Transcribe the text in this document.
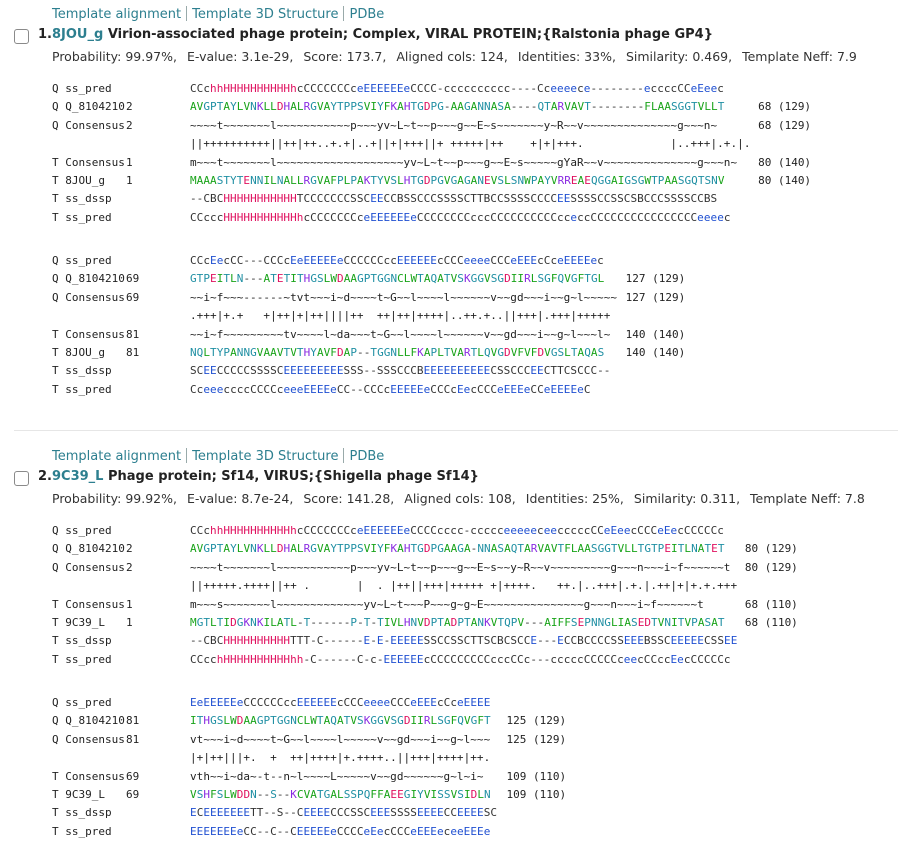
Template alignment Template 3D Structure PDBe
1.8JOU_g Virion-associated phage protein; Complex, VIRAL PROTEIN;{Ralstonia phage GP4}
Probability: 99.97%, E-value: 3.1e-29, Score: 173.7, Aligned cols: 124, Identities: 33%, Similarity: 0.469, Template Neff: 7.9
Q ss_pred	CCchhHHHHHHHHHHhcCCCCCCCceEEEEEEeCCCC-cccccccccc----Cceeeece--------eccccCCeEeec
Q Q_8104210 2	AVGPTAYLVNKLLDHALRGVAYTPPSVIYFKAHTGDPG-AAGANNASA----QTARVAVT--------FLAASGGTVLLT	68 (129)
Q Consensus 2	~~~~t~~~~~~~l~~~~~~~~~~~p~~~yv~L~t~~p~~~g~~E~s~~~~~~~y~R~~v~~~~~~~~~~~~~~g~~~n~	68 (129)
||++++++++++||++|++..+.+|..+||+|+++||+ +++++|++    +|+|+++.             |..+++|.+.|.
T Consensus 1	m~~~t~~~~~~~l~~~~~~~~~~~~~~~~~~~yv~L~t~~p~~~g~~E~s~~~~~gYaR~~v~~~~~~~~~~~~~~g~~~n~ 80 (140)
T 8JOU_g 1	MAAASTYTENNILNALLRGVAFPLPAKTYVSLHTGDPGVGAGANEVSLSNWPAYVRREAEQGGAIGSGWTPAASGQTSNV	80 (140)
T ss_dssp	--CBCHHHHHHHHHHHTCCCCCCCSSCEECCBSSCCCSSSSCTTBCCSSSSCCCCEESSSSCCSSCSBCCCSSSSCCBS
T ss_pred	CCcccHHHHHHHHHHHhcCCCCCCCceEEEEEEeCCCCCCCCcccCCCCCCCCCCcceccCCCCCCCCCCCCCCCCeeeec
Q ss_pred	CCcEecCC---CCCcEeEEEEEeCCCCCCccEEEEEEcCCCeeeeCCCeEEEcCceEEEEec
Q Q_8104210 69	GTPEITLN---ATETITHGSLWDAAGPTGGNCLWTAQATVSKGGVSGDIIRLSGFQVGFTGL 127 (129)
Q Consensus 69	~~i~f~~~------~tvt~~~i~d~~~~t~G~~l~~~~l~~~~~~v~~gd~~~i~~g~l~~~~~ 127 (129)
.+++|+.+   +|++|+|++||||++  ++|++|++++|..++.+..||+++|.+++|+++++
T Consensus 81	~~i~f~~~~~~~~~tv~~~~l~da~~~t~G~~l~~~~l~~~~~~v~~gd~~~i~~g~l~~~l~ 140 (140)
T 8JOU_g 81	NQLTYPANNGVAAVTVTHYAVFDAP--TGGNLLFKAPLTVARTLQVGDVFVFDVGSLTAQAS 140 (140)
T ss_dssp	SCEECCCCCSSSSCEEEEEEEEESSS--SSSCCCBEEEEEEEEEECSSCCCEECTTCSCCC--
T ss_pred	CceeeccccCCCCceeeEEEEeCC--CCCcEEEEEeCCCcEecCCCeEEEeCCeEEEEeC
Template alignment Template 3D Structure PDBe
2.9C39_L Phage protein; Sf14, VIRUS;{Shigella phage Sf14}
Probability: 99.92%, E-value: 8.7e-24, Score: 141.28, Aligned cols: 108, Identities: 25%, Similarity: 0.311, Template Neff: 7.8
Q ss_pred	CCchhHHHHHHHHHHhcCCCCCCCceEEEEEEeCCCCcccc-ccccceeeeeceecccccCCeEeecCCCeEecCCCCCc
Q Q_8104210 2	AVGPTAYLVNKLLDHALRGVAYTPPSVIYFKAHTGDPGAAGA-NNASAQTARVAVTFLAASGGTVLLTGTPEITLNATET 80 (129)
Q Consensus 2	~~~~t~~~~~~~l~~~~~~~~~~~p~~~yv~L~t~~p~~~g~~E~s~~y~R~~v~~~~~~~~~g~~~n~~~i~f~~~~~~t 80 (129)
||+++++.++++||++ .       |  . |++||+++|+++++ +|++++.   ++.|..+++|.+.|.++|+|+.+.+++
T Consensus 1	m~~~s~~~~~~~l~~~~~~~~~~~~~yv~L~t~~~P~~~g~g~E~~~~~~~~~~~~~~~g~~~n~~~i~f~~~~~~t	68 (110)
T 9C39_L 1	MGTLTIDGKNKILATL-T------P-T-TIVLHNVDPTADPTANKVTQPV---AIFFSEPNNGLIASEDTVNITVPASAT 68 (110)
T ss_dssp	--CBCHHHHHHHHHHTTT-C------E-E-EEEEESSCCSSCTTSCBCSCCE---ECCBCCCCSSEEEBSSCEEEEECSSEE
T ss_pred	CCcchHHHHHHHHHHhh-C------C-c-EEEEEEcCCCCCCCCCcccCCc---cccccCCCCCceecCCccEecCCCCCc
Q ss_pred	EeEEEEEeCCCCCCccEEEEEEcCCCeeeeCCCeEEEcCceEEEE
Q Q_8104210 81	ITHGSLWDAAGPTGGNCLWTAQATVSKGGVSGDIIRLSGFQVGFT 125 (129)
Q Consensus 81	vt~~~i~d~~~~t~G~~l~~~~l~~~~~v~~gd~~~i~~g~l~~~ 125 (129)
|+|++|||+.  +  ++|++++|+.++++..||+++|++++|++.
T Consensus 69	vth~~i~da~-t--n~l~~~~L~~~~~v~~gd~~~~~~g~l~i~ 109 (110)
T 9C39_L 69	VSHFSLWDDN--S--KCVATGALSSPQFFAEEGIYVISSVSIDLN 109 (110)
T ss_dssp	ECEEEEEEETT--S--CEEEECCCSSCEEESSSSEEEECCEEEESC
T ss_pred	EEEEEEEeCC--C--CEEEEEeCCCCeEecCCCeEEEeceeEEEe
